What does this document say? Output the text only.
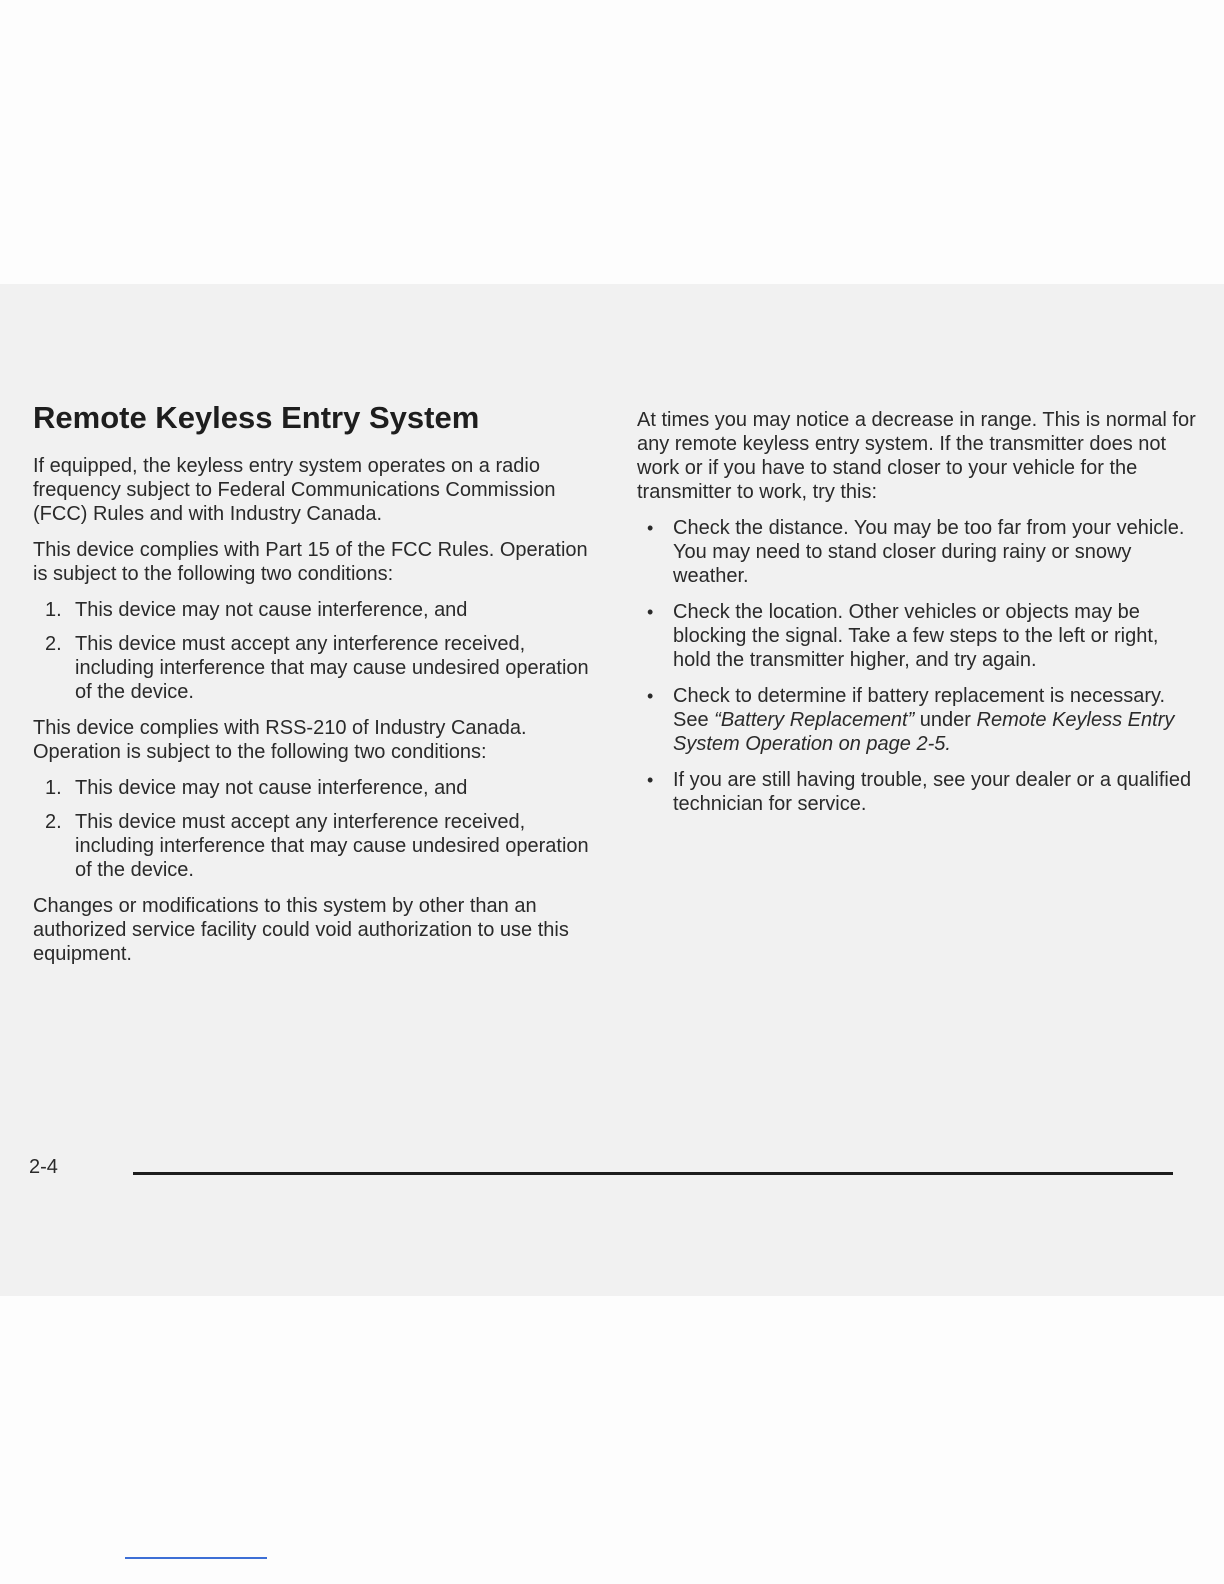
Remote Keyless Entry System

If equipped, the keyless entry system operates on a radio frequency subject to Federal Communications Commission (FCC) Rules and with Industry Canada.

This device complies with Part 15 of the FCC Rules. Operation is subject to the following two conditions:

1. This device may not cause interference, and
2. This device must accept any interference received, including interference that may cause undesired operation of the device.

This device complies with RSS-210 of Industry Canada. Operation is subject to the following two conditions:

1. This device may not cause interference, and
2. This device must accept any interference received, including interference that may cause undesired operation of the device.

Changes or modifications to this system by other than an authorized service facility could void authorization to use this equipment.

At times you may notice a decrease in range. This is normal for any remote keyless entry system. If the transmitter does not work or if you have to stand closer to your vehicle for the transmitter to work, try this:

• Check the distance. You may be too far from your vehicle. You may need to stand closer during rainy or snowy weather.
• Check the location. Other vehicles or objects may be blocking the signal. Take a few steps to the left or right, hold the transmitter higher, and try again.
• Check to determine if battery replacement is necessary. See “Battery Replacement” under Remote Keyless Entry System Operation on page 2-5.
• If you are still having trouble, see your dealer or a qualified technician for service.
2-4
